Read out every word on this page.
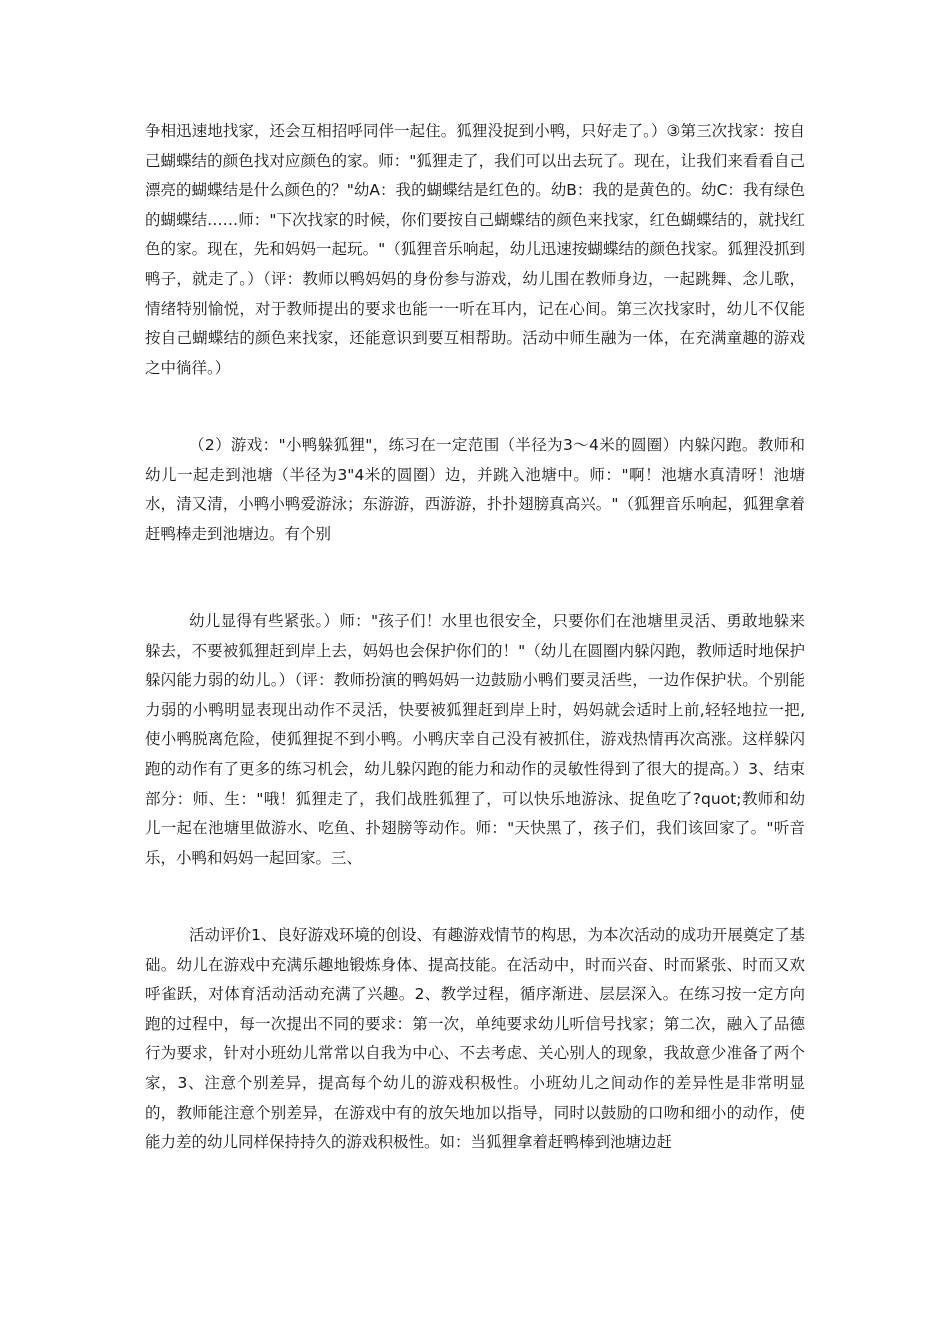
争相迅速地找家，还会互相招呼同伴一起住。狐狸没捉到小鸭，只好走了。）③第三次找家：按自己蝴蝶结的颜色找对应颜色的家。师："狐狸走了，我们可以出去玩了。现在，让我们来看看自己漂亮的蝴蝶结是什么颜色的？"幼A：我的蝴蝶结是红色的。幼B：我的是黄色的。幼C：我有绿色的蝴蝶结……师："下次找家的时候，你们要按自己蝴蝶结的颜色来找家，红色蝴蝶结的，就找红色的家。现在，先和妈妈一起玩。"（狐狸音乐响起，幼儿迅速按蝴蝶结的颜色找家。狐狸没抓到鸭子，就走了。）（评：教师以鸭妈妈的身份参与游戏，幼儿围在教师身边，一起跳舞、念儿歌，情绪特别愉悦，对于教师提出的要求也能一一听在耳内，记在心间。第三次找家时，幼儿不仅能按自己蝴蝶结的颜色来找家，还能意识到要互相帮助。活动中师生融为一体，在充满童趣的游戏之中徜徉。）

（2）游戏："小鸭躲狐狸"，练习在一定范围（半径为3～4米的圆圈）内躲闪跑。教师和幼儿一起走到池塘（半径为3"4米的圆圈）边，并跳入池塘中。师："啊！池塘水真清呀！池塘水，清又清，小鸭小鸭爱游泳；东游游，西游游，扑扑翅膀真高兴。"（狐狸音乐响起，狐狸拿着赶鸭棒走到池塘边。有个别

幼儿显得有些紧张。）师："孩子们！水里也很安全，只要你们在池塘里灵活、勇敢地躲来躲去，不要被狐狸赶到岸上去，妈妈也会保护你们的！"（幼儿在圆圈内躲闪跑，教师适时地保护躲闪能力弱的幼儿。）（评：教师扮演的鸭妈妈一边鼓励小鸭们要灵活些，一边作保护状。个别能力弱的小鸭明显表现出动作不灵活，快要被狐狸赶到岸上时，妈妈就会适时上前,轻轻地拉一把,使小鸭脱离危险，使狐狸捉不到小鸭。小鸭庆幸自己没有被抓住，游戏热情再次高涨。这样躲闪跑的动作有了更多的练习机会，幼儿躲闪跑的能力和动作的灵敏性得到了很大的提高。）3、结束部分：师、生："哦！狐狸走了，我们战胜狐狸了，可以快乐地游泳、捉鱼吃了?quot;教师和幼儿一起在池塘里做游水、吃鱼、扑翅膀等动作。师："天快黑了，孩子们，我们该回家了。"听音乐，小鸭和妈妈一起回家。三、

活动评价1、良好游戏环境的创设、有趣游戏情节的构思，为本次活动的成功开展奠定了基础。幼儿在游戏中充满乐趣地锻炼身体、提高技能。在活动中，时而兴奋、时而紧张、时而又欢呼雀跃，对体育活动活动充满了兴趣。2、教学过程，循序渐进、层层深入。在练习按一定方向跑的过程中，每一次提出不同的要求：第一次，单纯要求幼儿听信号找家；第二次，融入了品德行为要求，针对小班幼儿常常以自我为中心、不去考虑、关心别人的现象，我故意少准备了两个家，3、注意个别差异，提高每个幼儿的游戏积极性。小班幼儿之间动作的差异性是非常明显的，教师能注意个别差异，在游戏中有的放矢地加以指导，同时以鼓励的口吻和细小的动作，使能力差的幼儿同样保持持久的游戏积极性。如：当狐狸拿着赶鸭棒到池塘边赶
